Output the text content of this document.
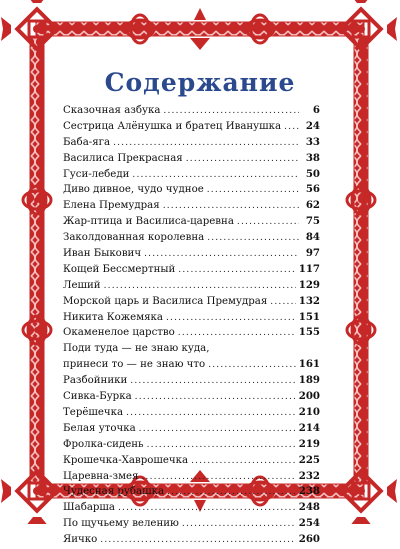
Содержание
Сказочная азбука .....	6
Сестрица Алёнушка и братец Иванушка .....	24
Баба-яга .....	33
Василиса Прекрасная .....	38
Гуси-лебеди .....	50
Диво дивное, чудо чудное .....	56
Елена Премудрая .....	62
Жар-птица и Василиса-царевна .....	75
Заколдованная королевна .....	84
Иван Быкович .....	97
Кощей Бессмертный .....	117
Леший .....	129
Морской царь и Василиса Премудрая .....	132
Никита Кожемяка .....	151
Окаменелое царство .....	155
Поди туда — не знаю куда,
принеси то — не знаю что .....	161
Разбойники .....	189
Сивка-Бурка .....	200
Терёшечка .....	210
Белая уточка .....	214
Фролка-сидень .....	219
Крошечка-Хаврошечка .....	225
Царевна-змея .....	232
Чудесная рубашка .....	238
Шабарша .....	248
По щучьему велению .....	254
Яичко .....	260
